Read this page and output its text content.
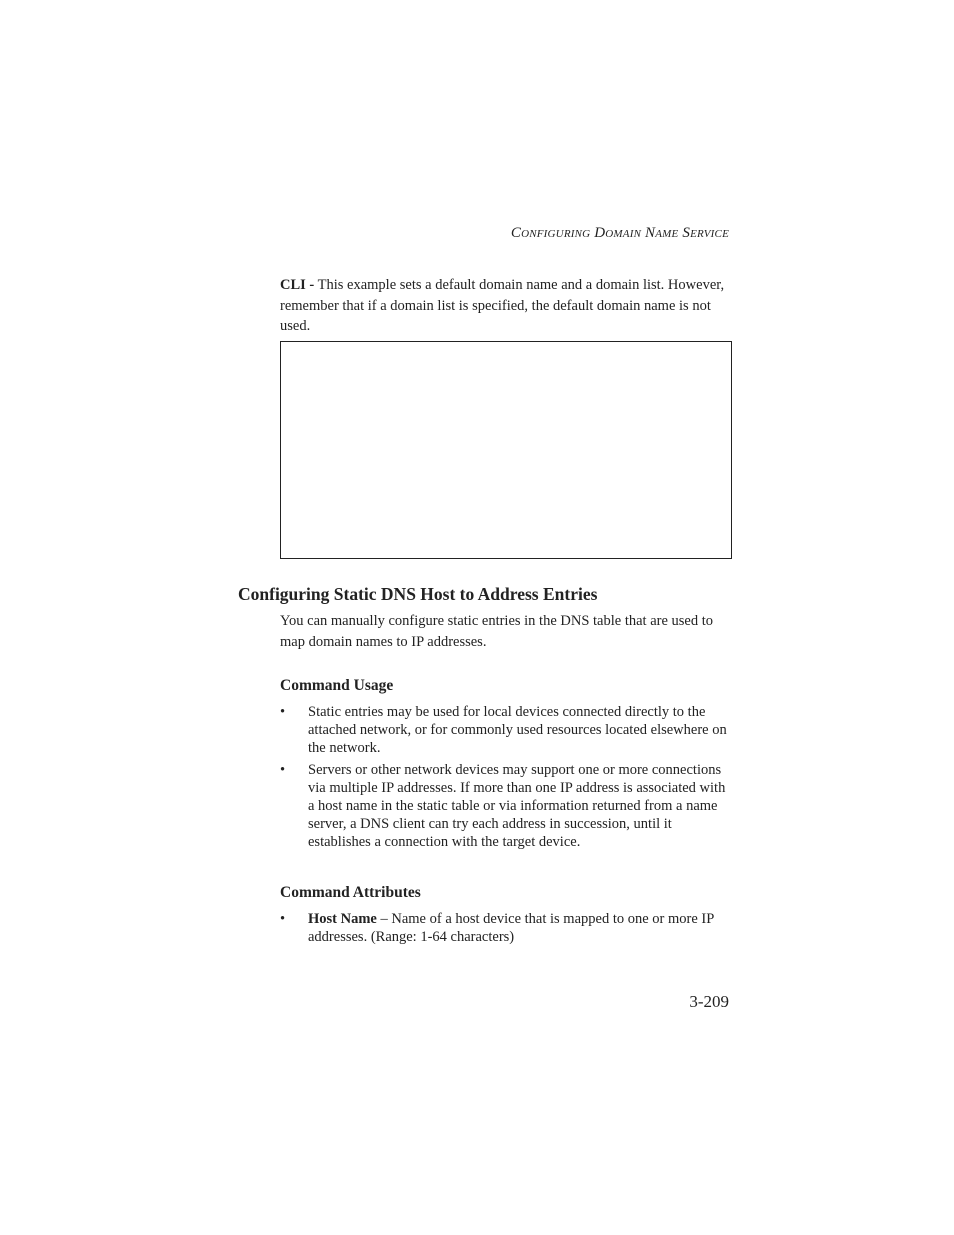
Configuring Domain Name Service

CLI - This example sets a default domain name and a domain list. However, remember that if a domain list is specified, the default domain name is not used.

Configuring Static DNS Host to Address Entries

You can manually configure static entries in the DNS table that are used to map domain names to IP addresses.

Command Usage
• Static entries may be used for local devices connected directly to the attached network, or for commonly used resources located elsewhere on the network.
• Servers or other network devices may support one or more connections via multiple IP addresses. If more than one IP address is associated with a host name in the static table or via information returned from a name server, a DNS client can try each address in succession, until it establishes a connection with the target device.
Command Attributes
• Host Name – Name of a host device that is mapped to one or more IP addresses. (Range: 1-64 characters)
3-209
